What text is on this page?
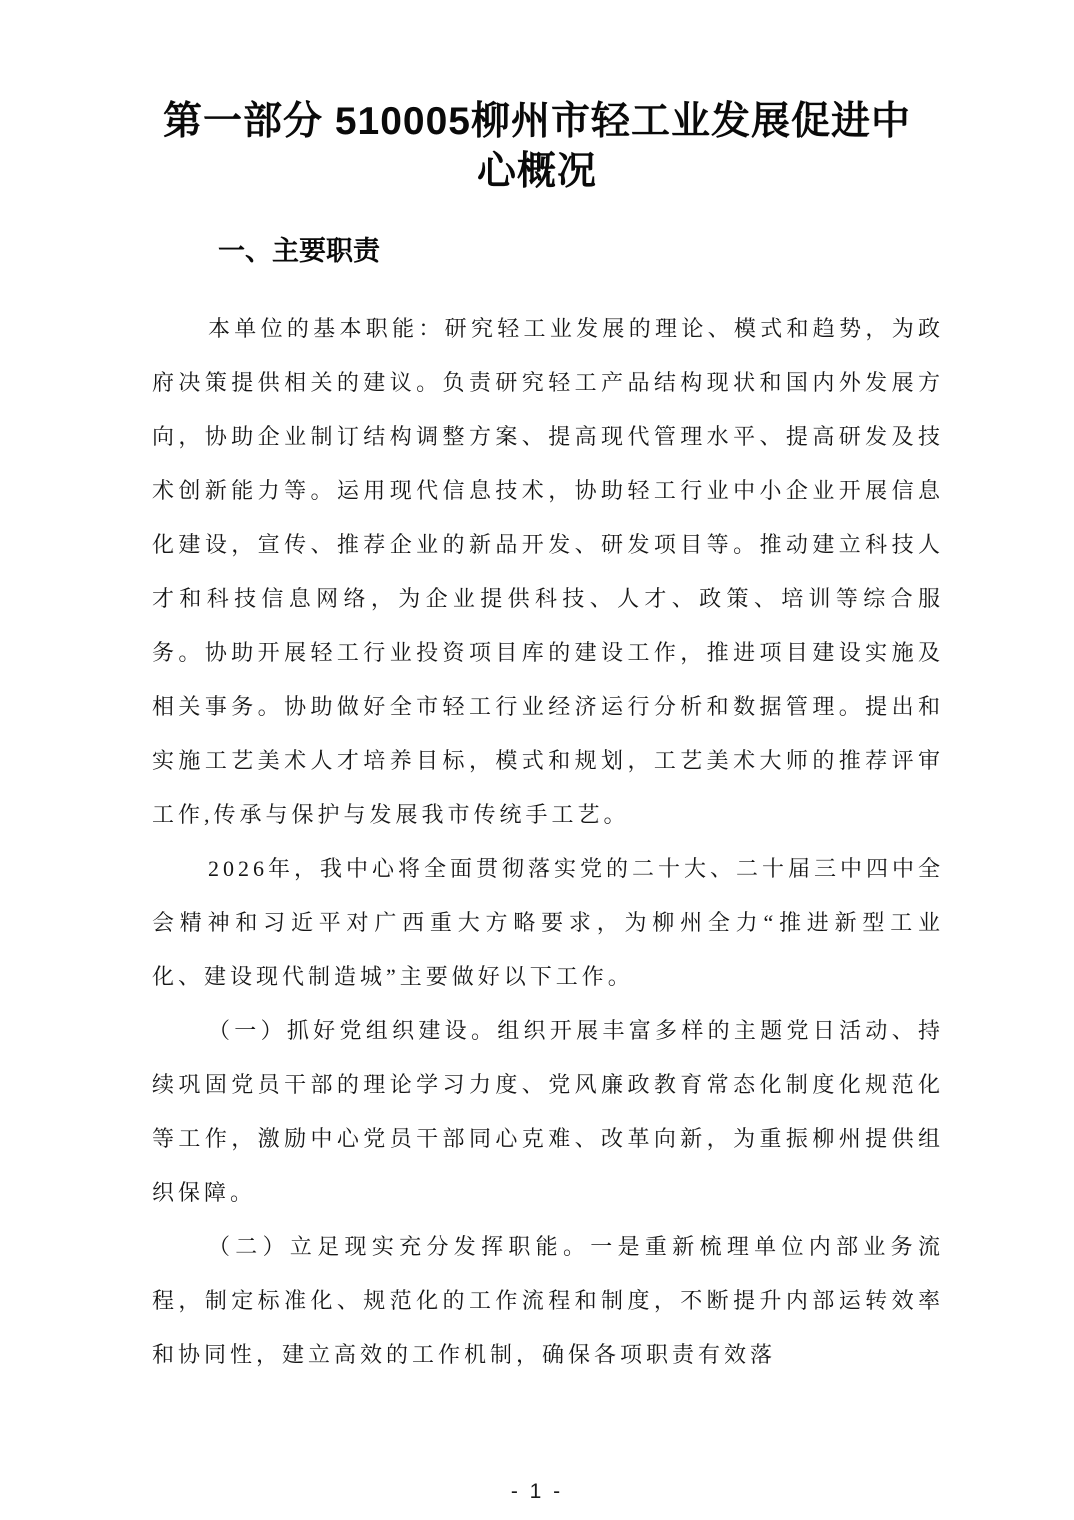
第一部分 510005柳州市轻工业发展促进中心概况
一、主要职责

本单位的基本职能：研究轻工业发展的理论、模式和趋势，为政府决策提供相关的建议。负责研究轻工产品结构现状和国内外发展方向，协助企业制订结构调整方案、提高现代管理水平、提高研发及技术创新能力等。运用现代信息技术，协助轻工行业中小企业开展信息化建设，宣传、推荐企业的新品开发、研发项目等。推动建立科技人才和科技信息网络，为企业提供科技、人才、政策、培训等综合服务。协助开展轻工行业投资项目库的建设工作，推进项目建设实施及相关事务。协助做好全市轻工行业经济运行分析和数据管理。提出和实施工艺美术人才培养目标，模式和规划，工艺美术大师的推荐评审工作,传承与保护与发展我市传统手工艺。

2026年，我中心将全面贯彻落实党的二十大、二十届三中四中全会精神和习近平对广西重大方略要求，为柳州全力“推进新型工业化、建设现代制造城”主要做好以下工作。

（一）抓好党组织建设。组织开展丰富多样的主题党日活动、持续巩固党员干部的理论学习力度、党风廉政教育常态化制度化规范化等工作，激励中心党员干部同心克难、改革向新，为重振柳州提供组织保障。

（二）立足现实充分发挥职能。一是重新梳理单位内部业务流程，制定标准化、规范化的工作流程和制度，不断提升内部运转效率和协同性，建立高效的工作机制，确保各项职责有效落

- 1 -
